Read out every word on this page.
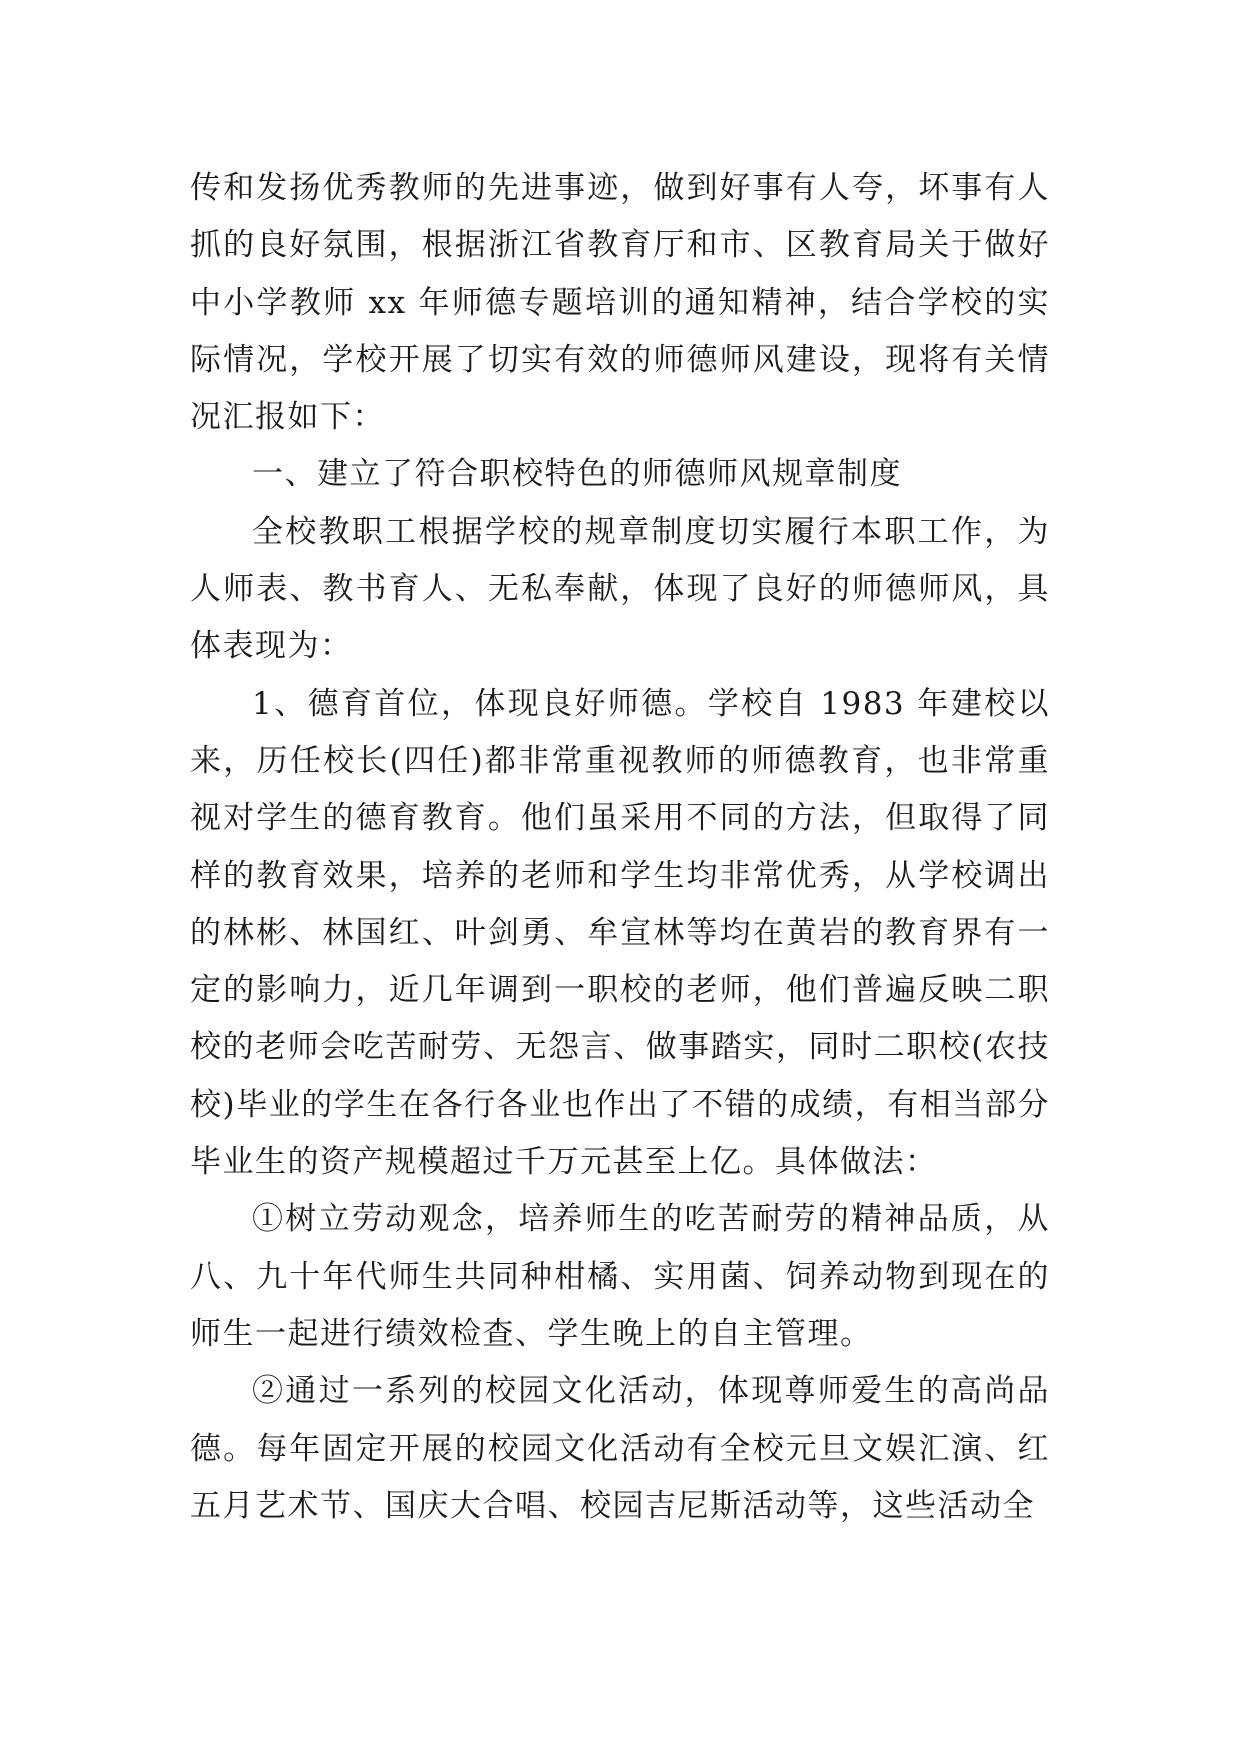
传和发扬优秀教师的先进事迹，做到好事有人夸，坏事有人抓的良好氛围，根据浙江省教育厅和市、区教育局关于做好中小学教师 xx 年师德专题培训的通知精神，结合学校的实际情况，学校开展了切实有效的师德师风建设，现将有关情况汇报如下：

一、建立了符合职校特色的师德师风规章制度

全校教职工根据学校的规章制度切实履行本职工作，为人师表、教书育人、无私奉献，体现了良好的师德师风，具体表现为：

1、德育首位，体现良好师德。学校自 1983 年建校以来，历任校长(四任)都非常重视教师的师德教育，也非常重视对学生的德育教育。他们虽采用不同的方法，但取得了同样的教育效果，培养的老师和学生均非常优秀，从学校调出的林彬、林国红、叶剑勇、牟宣林等均在黄岩的教育界有一定的影响力，近几年调到一职校的老师，他们普遍反映二职校的老师会吃苦耐劳、无怨言、做事踏实，同时二职校(农技校)毕业的学生在各行各业也作出了不错的成绩，有相当部分毕业生的资产规模超过千万元甚至上亿。具体做法：

①树立劳动观念，培养师生的吃苦耐劳的精神品质，从八、九十年代师生共同种柑橘、实用菌、饲养动物到现在的师生一起进行绩效检查、学生晚上的自主管理。

②通过一系列的校园文化活动，体现尊师爱生的高尚品德。每年固定开展的校园文化活动有全校元旦文娱汇演、红五月艺术节、国庆大合唱、校园吉尼斯活动等，这些活动全
